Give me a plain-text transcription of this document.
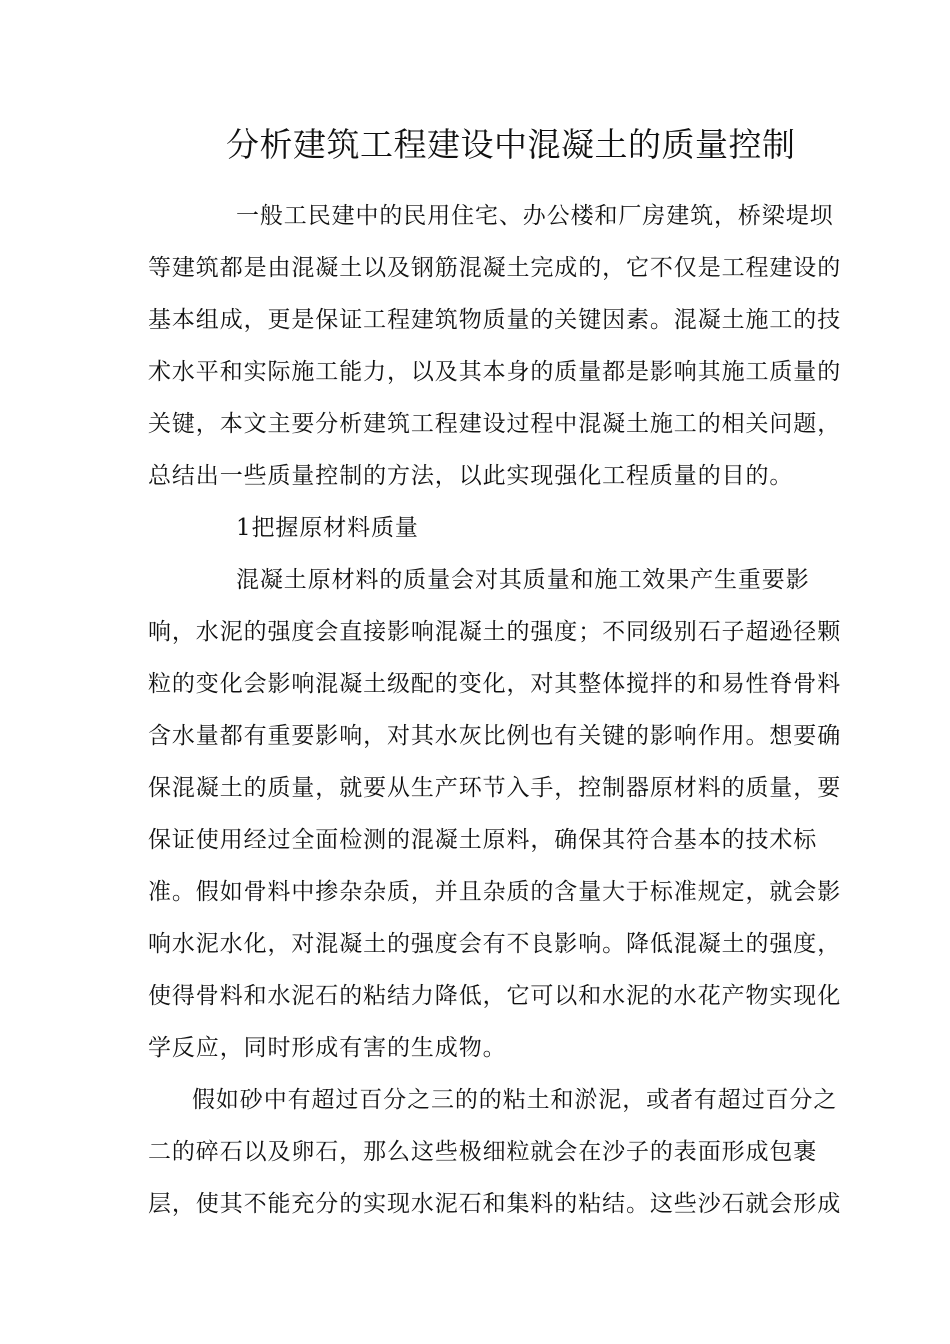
分析建筑工程建设中混凝土的质量控制
一般工民建中的民用住宅、办公楼和厂房建筑，桥梁堤坝
等建筑都是由混凝土以及钢筋混凝土完成的，它不仅是工程建设的
基本组成，更是保证工程建筑物质量的关键因素。混凝土施工的技
术水平和实际施工能力，以及其本身的质量都是影响其施工质量的
关键，本文主要分析建筑工程建设过程中混凝土施工的相关问题，
总结出一些质量控制的方法，以此实现强化工程质量的目的。
1把握原材料质量
混凝土原材料的质量会对其质量和施工效果产生重要影
响，水泥的强度会直接影响混凝土的强度；不同级别石子超逊径颗
粒的变化会影响混凝土级配的变化，对其整体搅拌的和易性脊骨料
含水量都有重要影响，对其水灰比例也有关键的影响作用。想要确
保混凝土的质量，就要从生产环节入手，控制器原材料的质量，要
保证使用经过全面检测的混凝土原料，确保其符合基本的技术标
准。假如骨料中掺杂杂质，并且杂质的含量大于标准规定，就会影
响水泥水化，对混凝土的强度会有不良影响。降低混凝土的强度，
使得骨料和水泥石的粘结力降低，它可以和水泥的水花产物实现化
学反应，同时形成有害的生成物。
假如砂中有超过百分之三的的粘土和淤泥，或者有超过百分之
二的碎石以及卵石，那么这些极细粒就会在沙子的表面形成包裹
层，使其不能充分的实现水泥石和集料的粘结。这些沙石就会形成
